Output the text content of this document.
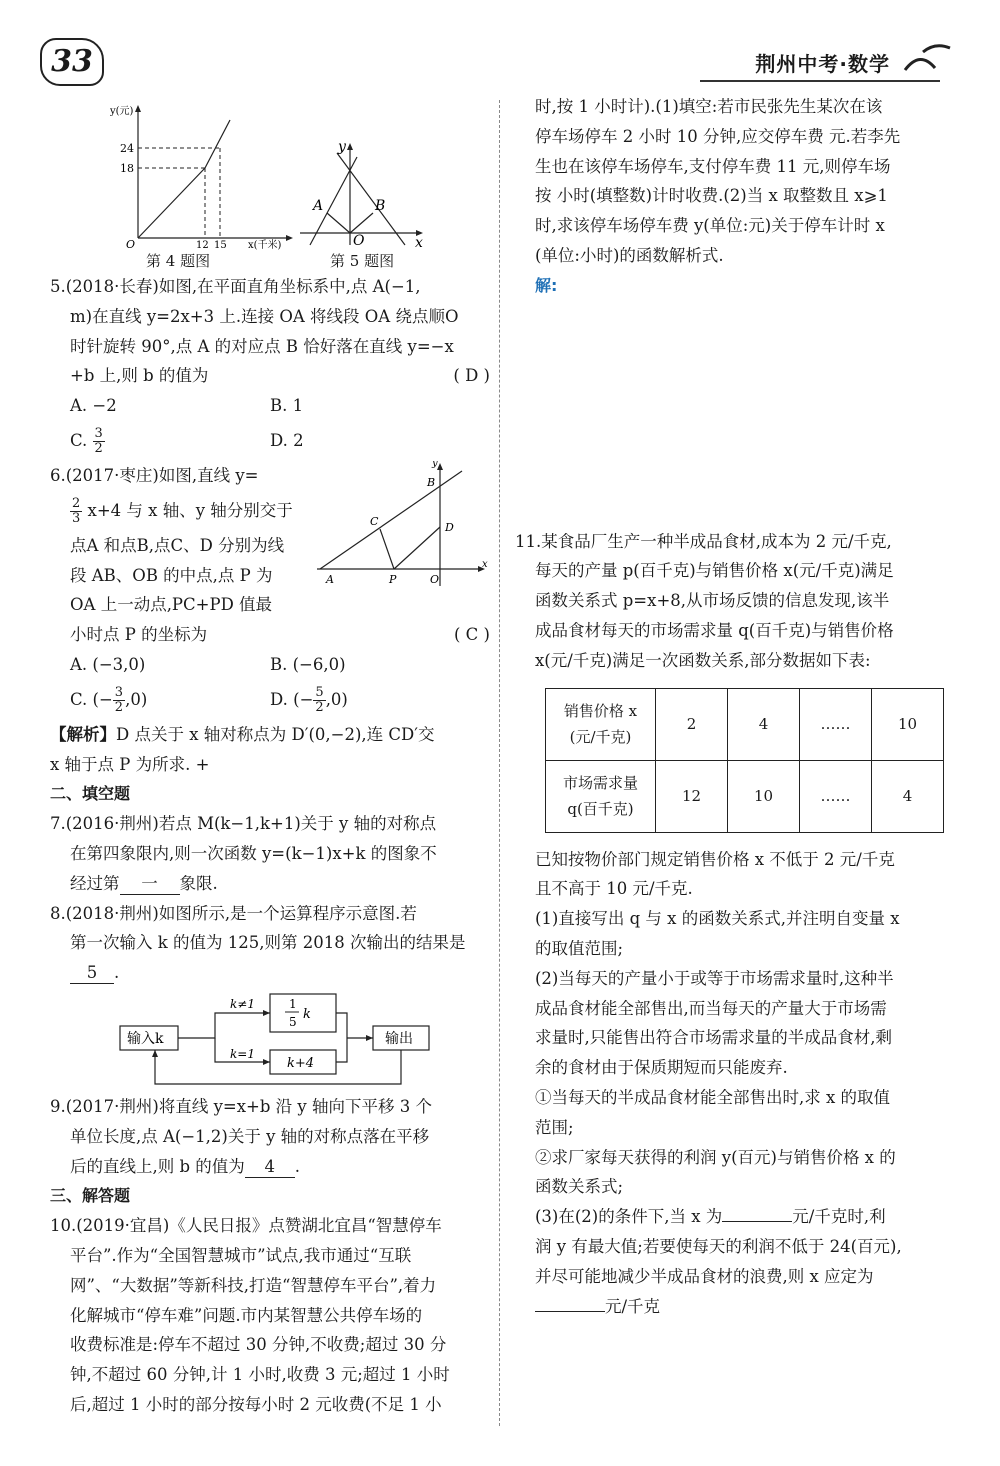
33	荆州中考·数学
y(元)
24
18
O	12 15 x(千米)
第 4 题图
y
x
O
A	B
第 5 题图
5.(2018·长春)如图,在平面直角坐标系中,点 A(−1,
m)在直线 y=2x+3 上.连接 OA 将线段 OA 绕点顺O
时针旋转 90°,点 A 的对应点 B 恰好落在直线 y=−x
+b 上,则 b 的值为	( D )
A. −2	B. 1
C. $\frac{3}{2}$	D. 2
y
x
B
C	D
A	P	O
6.(2017·枣庄)如图,直线 y=
$\frac{2}{3} x+4$ 与 x 轴、y 轴分别交于
点A 和点B,点C、D 分别为线
段 AB、OB 的中点,点 P 为
OA 上一动点,PC+PD 值最
小时点 P 的坐标为	( C )
A. (−3,0)	B. (−6,0)
C. (− $\frac{3}{2} ,0$)	D. (− $\frac{5}{2} ,0$)
【解析】D 点关于 x 轴对称点为 D′(0,−2),连 CD′交
x 轴于点 P 为所求. +
二、填空题
7.(2016·荆州)若点 M(k−1,k+1)关于 y 轴的对称点
在第四象限内,则一次函数 y=(k−1)x+k 的图象不
经过第 一 象限.
8.(2018·荆州)如图所示,是一个运算程序示意图.若
第一次输入 k 的值为 125,则第 2018 次输出的结果是
5 .
输入k
k≠1
k=1
1
5 k
k+4
输出
9.(2017·荆州)将直线 y=x+b 沿 y 轴向下平移 3 个
单位长度,点 A(−1,2)关于 y 轴的对称点落在平移
后的直线上,则 b 的值为 4 .
三、解答题
10.(2019·宜昌)《人民日报》点赞湖北宜昌“智慧停车
平台”.作为“全国智慧城市”试点,我市通过“互联
网”、“大数据”等新科技,打造“智慧停车平台”,着力
化解城市“停车难”问题.市内某智慧公共停车场的
收费标准是:停车不超过 30 分钟,不收费;超过 30 分
钟,不超过 60 分钟,计 1 小时,收费 3 元;超过 1 小时
后,超过 1 小时的部分按每小时 2 元收费(不足 1 小
时,按 1 小时计).(1)填空:若市民张先生某次在该
停车场停车 2 小时 10 分钟,应交停车费 元.若李先
生也在该停车场停车,支付停车费 11 元,则停车场
按 小时(填整数)计时收费.(2)当 x 取整数且 x⩾1
时,求该停车场停车费 y(单位:元)关于停车计时 x
(单位:小时)的函数解析式.
解:
11.某食品厂生产一种半成品食材,成本为 2 元/千克,
每天的产量 p(百千克)与销售价格 x(元/千克)满足
函数关系式 p=x+8,从市场反馈的信息发现,该半
成品食材每天的市场需求量 q(百千克)与销售价格
x(元/千克)满足一次函数关系,部分数据如下表:
销售价格 x
(元/千克)	2	4	……	10

市场需求量
q(百千克)	12	10	……	4
已知按物价部门规定销售价格 x 不低于 2 元/千克
且不高于 10 元/千克.
(1)直接写出 q 与 x 的函数关系式,并注明自变量 x
的取值范围;
(2)当每天的产量小于或等于市场需求量时,这种半
成品食材能全部售出,而当每天的产量大于市场需
求量时,只能售出符合市场需求量的半成品食材,剩
余的食材由于保质期短而只能废弃.
①当每天的半成品食材能全部售出时,求 x 的取值
范围;
②求厂家每天获得的利润 y(百元)与销售价格 x 的
函数关系式;
(3)在(2)的条件下,当 x 为	元/千克时,利
润 y 有最大值;若要使每天的利润不低于 24(百元),
并尽可能地减少半成品食材的浪费,则 x 应定为
元/千克
